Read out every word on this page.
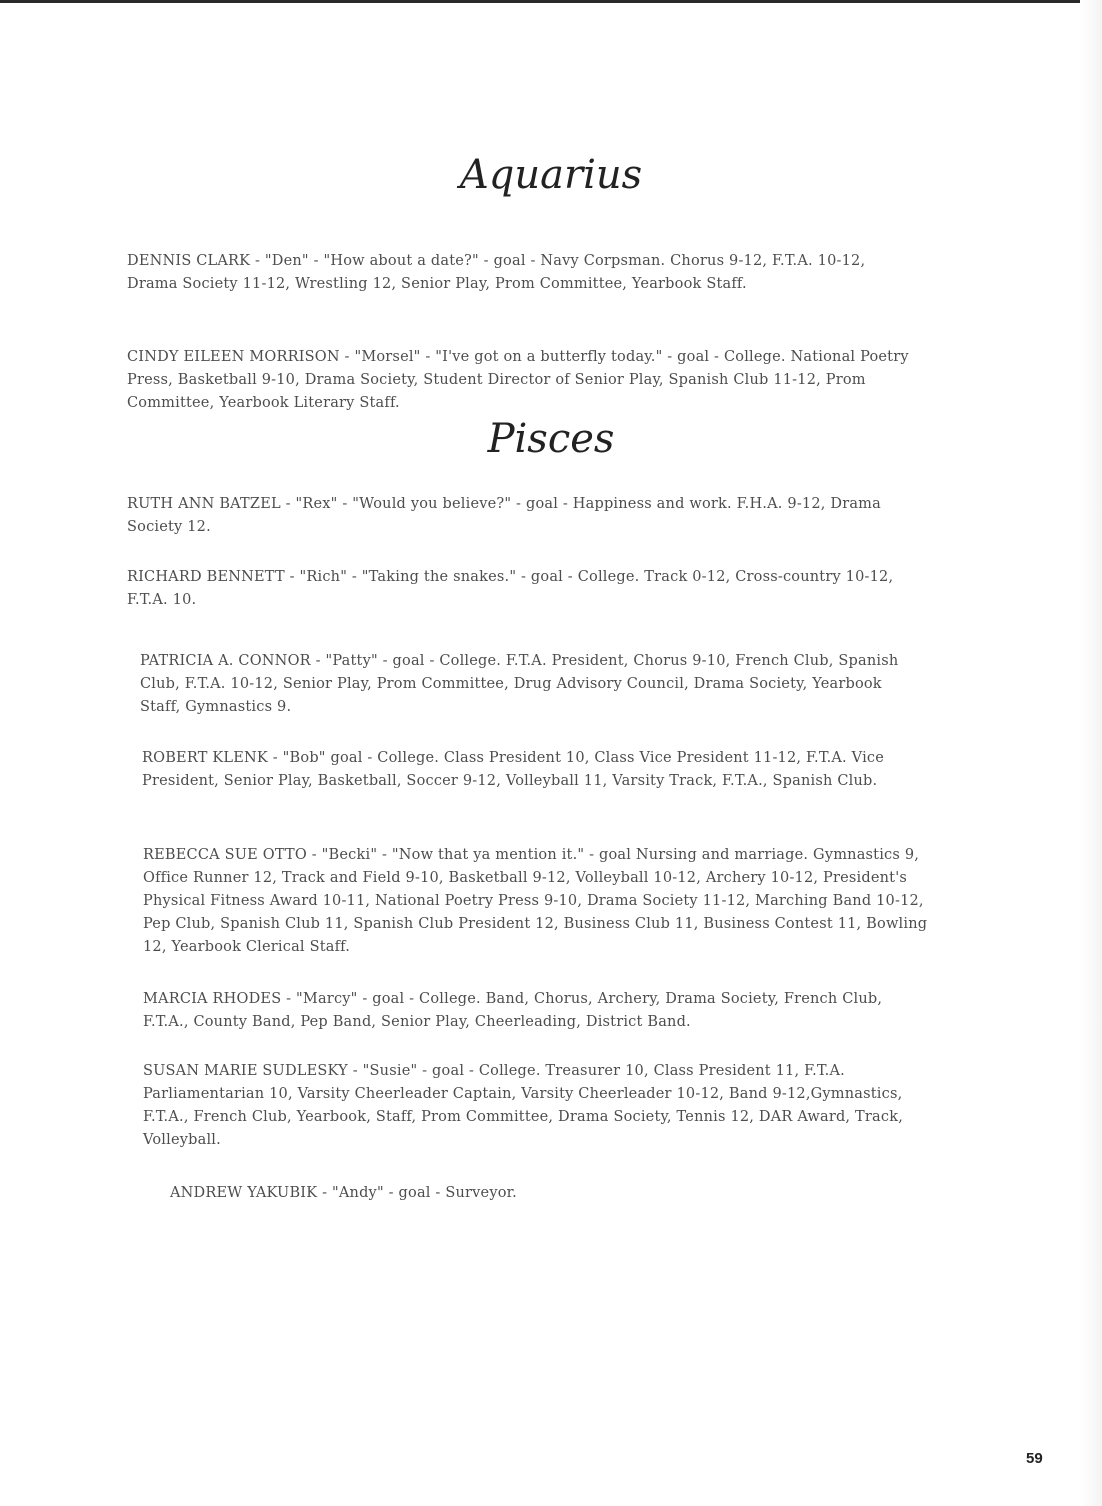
Aquarius

DENNIS CLARK - "Den" - "How about a date?" - goal - Navy Corpsman. Chorus 9-12, F.T.A. 10-12, Drama Society 11-12, Wrestling 12, Senior Play, Prom Committee, Yearbook Staff.

CINDY EILEEN MORRISON - "Morsel" - "I've got on a butterfly today." - goal - College. National Poetry Press, Basketball 9-10, Drama Society, Student Director of Senior Play, Spanish Club 11-12, Prom Committee, Yearbook Literary Staff.

Pisces

RUTH ANN BATZEL - "Rex" - "Would you believe?" - goal - Happiness and work. F.H.A. 9-12, Drama Society 12.

RICHARD BENNETT - "Rich" - "Taking the snakes." - goal - College. Track 0-12, Cross-country 10-12, F.T.A. 10.

PATRICIA A. CONNOR - "Patty" - goal - College. F.T.A. President, Chorus 9-10, French Club, Spanish Club, F.T.A. 10-12, Senior Play, Prom Committee, Drug Advisory Council, Drama Society, Yearbook Staff, Gymnastics 9.

ROBERT KLENK - "Bob" goal - College. Class President 10, Class Vice President 11-12, F.T.A. Vice President, Senior Play, Basketball, Soccer 9-12, Volleyball 11, Varsity Track, F.T.A., Spanish Club.

REBECCA SUE OTTO - "Becki" - "Now that ya mention it." - goal Nursing and marriage. Gymnastics 9, Office Runner 12, Track and Field 9-10, Basketball 9-12, Volleyball 10-12, Archery 10-12, President's Physical Fitness Award 10-11, National Poetry Press 9-10, Drama Society 11-12, Marching Band 10-12, Pep Club, Spanish Club 11, Spanish Club President 12, Business Club 11, Business Contest 11, Bowling 12, Yearbook Clerical Staff.

MARCIA RHODES - "Marcy" - goal - College. Band, Chorus, Archery, Drama Society, French Club, F.T.A., County Band, Pep Band, Senior Play, Cheerleading, District Band.

SUSAN MARIE SUDLESKY - "Susie" - goal - College. Treasurer 10, Class President 11, F.T.A. Parliamentarian 10, Varsity Cheerleader Captain, Varsity Cheerleader 10-12, Band 9-12,Gymnastics, F.T.A., French Club, Yearbook, Staff, Prom Committee, Drama Society, Tennis 12, DAR Award, Track, Volleyball.

ANDREW YAKUBIK - "Andy" - goal - Surveyor.

59
